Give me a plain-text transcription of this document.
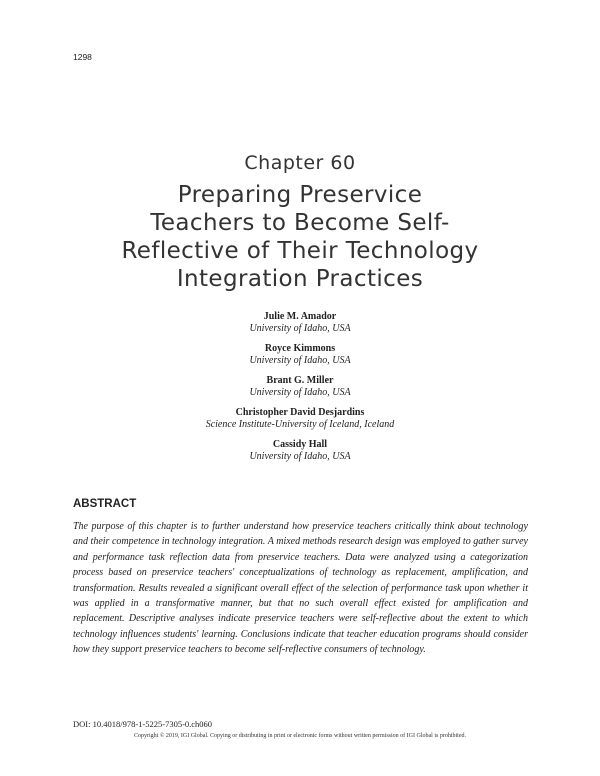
1298
Chapter 60
Preparing Preservice
Teachers to Become Self-
Reflective of Their Technology
Integration Practices
Julie M. Amador
University of Idaho, USA
Royce Kimmons
University of Idaho, USA
Brant G. Miller
University of Idaho, USA
Christopher David Desjardins
Science Institute-University of Iceland, Iceland
Cassidy Hall
University of Idaho, USA
ABSTRACT
The purpose of this chapter is to further understand how preservice teachers critically think about technology and their competence in technology integration. A mixed methods research design was employed to gather survey and performance task reflection data from preservice teachers. Data were analyzed using a categorization process based on preservice teachers' conceptualizations of technology as replacement, amplification, and transformation. Results revealed a significant overall effect of the selection of performance task upon whether it was applied in a transformative manner, but that no such overall effect existed for amplification and replacement. Descriptive analyses indicate preservice teachers were self-reflective about the extent to which technology influences students' learning. Conclusions indicate that teacher education programs should consider how they support preservice teachers to become self-reflective consumers of technology.
DOI: 10.4018/978-1-5225-7305-0.ch060
Copyright © 2019, IGI Global. Copying or distributing in print or electronic forms without written permission of IGI Global is prohibited.
